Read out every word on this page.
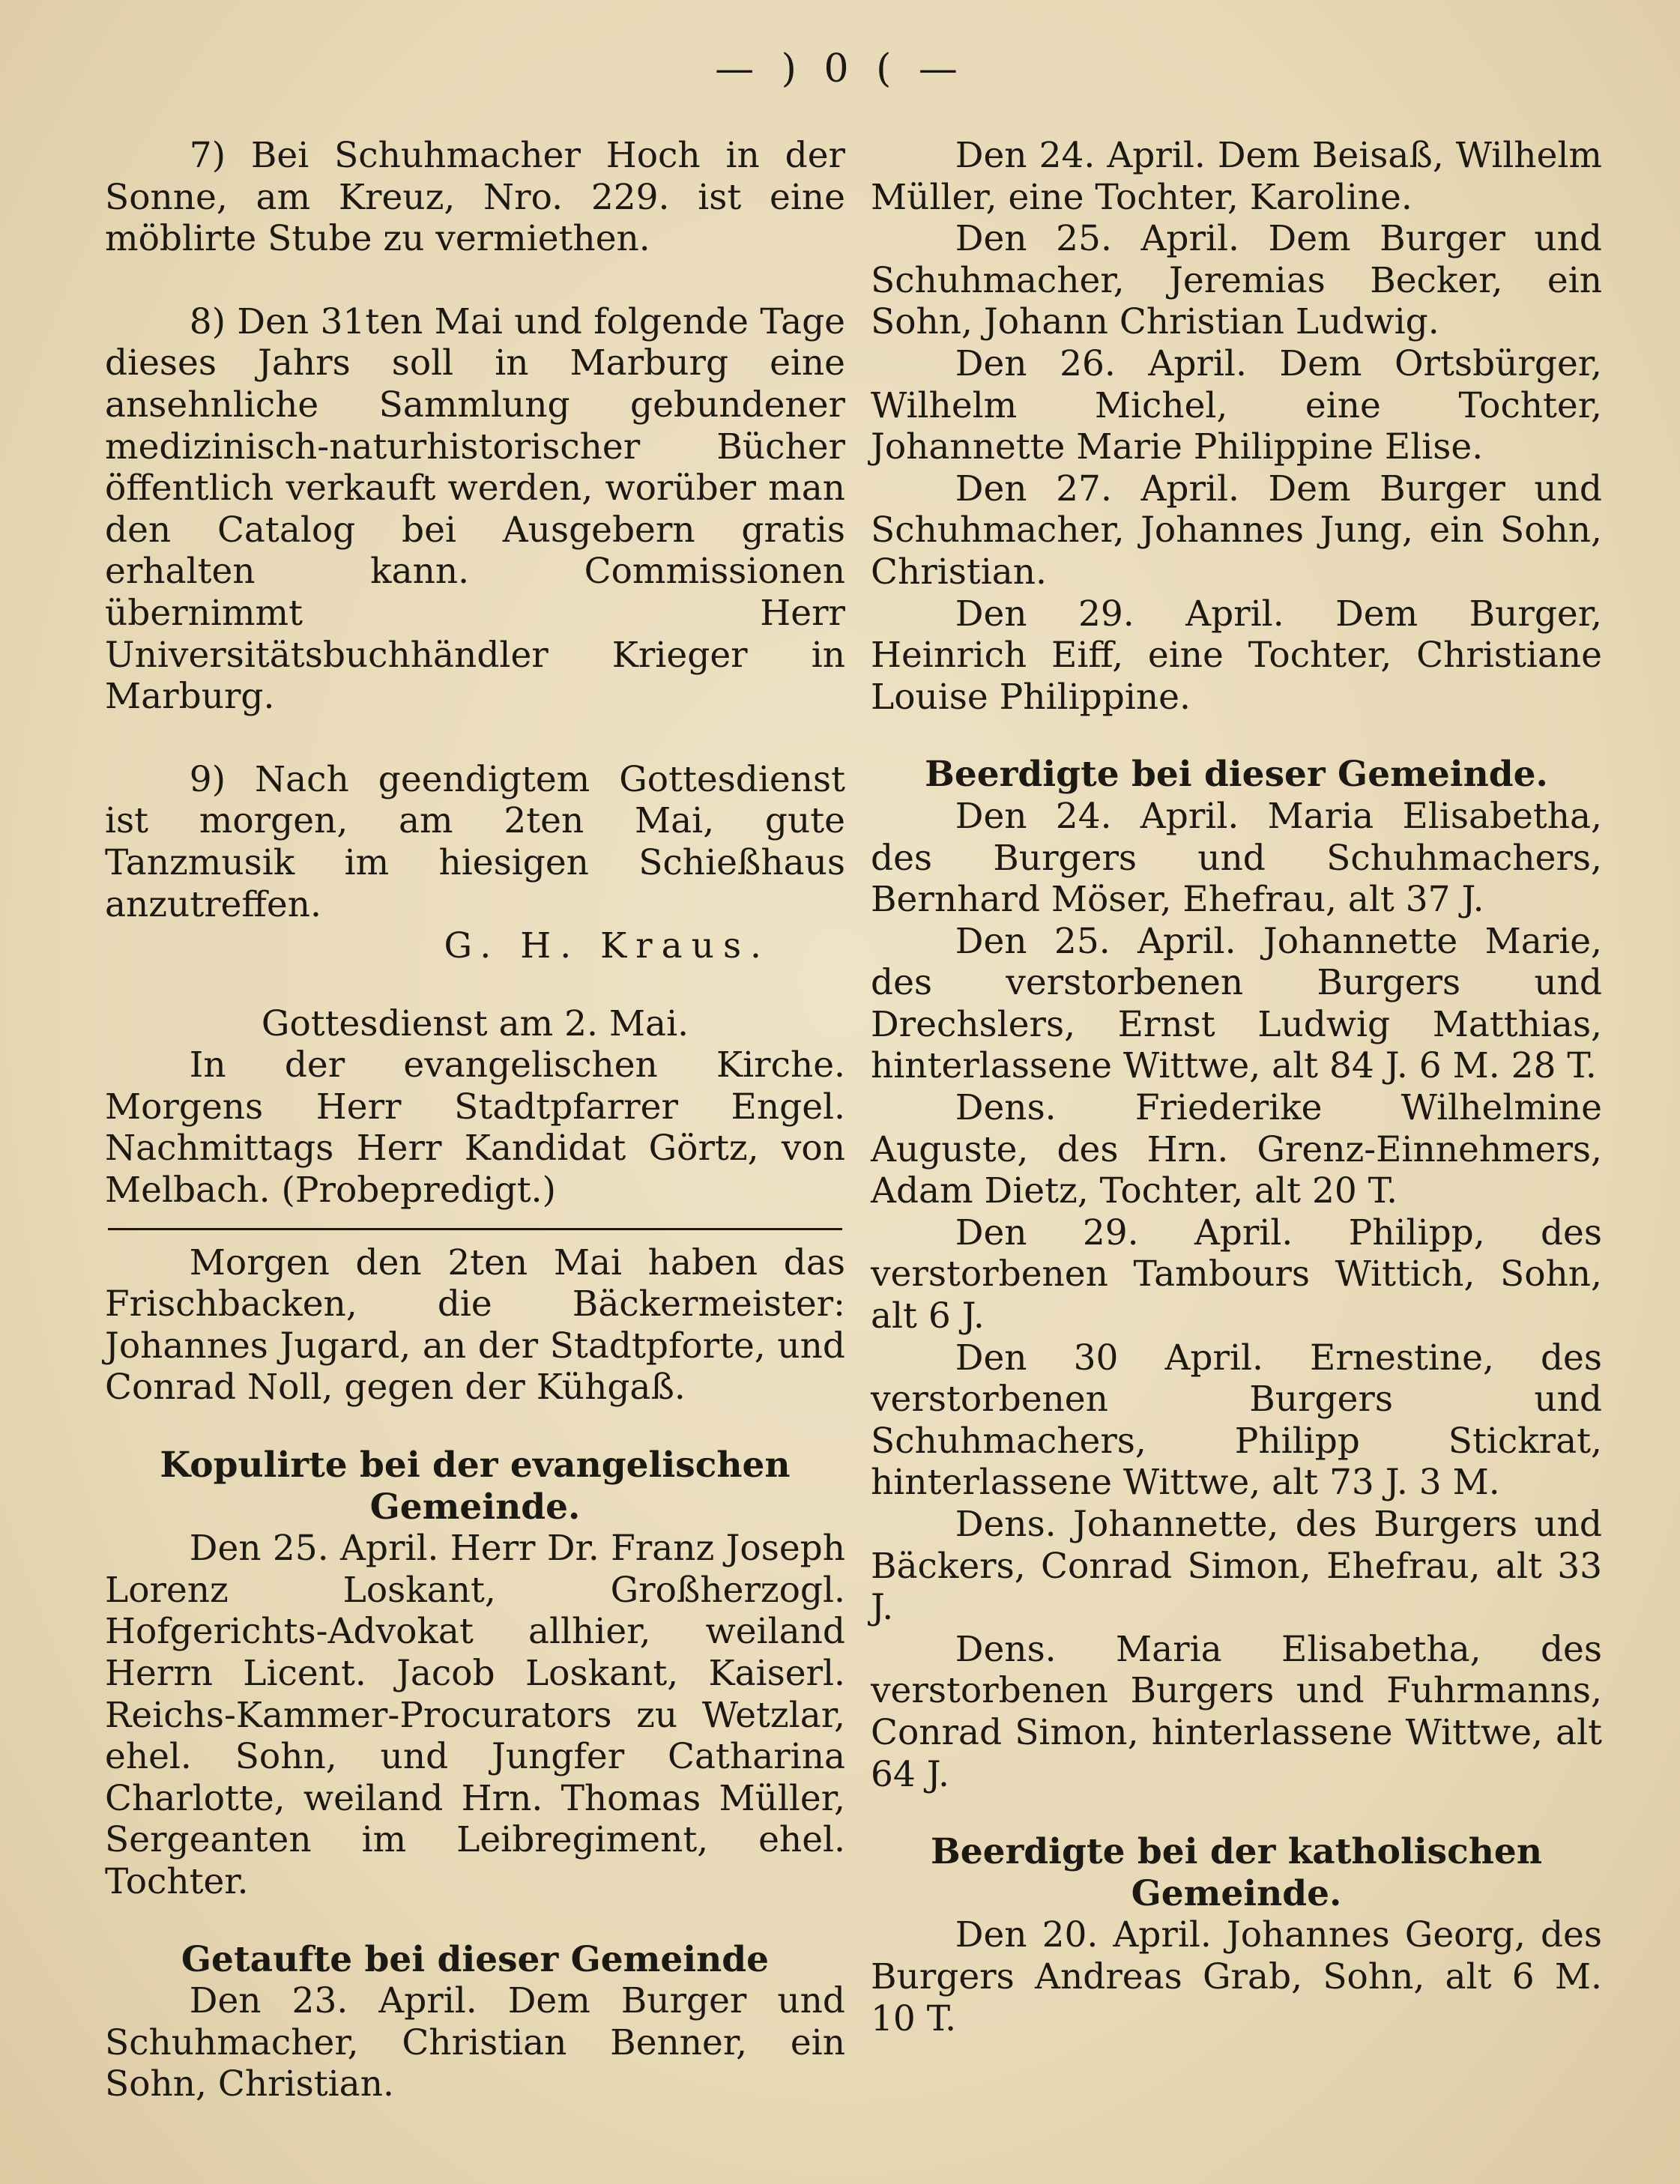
— ) 0 ( —

7) Bei Schuhmacher Hoch in der Sonne, am Kreuz, Nro. 229. ist eine möblirte Stube zu vermiethen.

8) Den 31ten Mai und folgende Tage dieses Jahrs soll in Marburg eine ansehnliche Sammlung gebundener medizinisch-naturhistorischer Bücher öffentlich verkauft werden, worüber man den Catalog bei Ausgebern gratis erhalten kann. Commissionen übernimmt Herr Universitätsbuchhändler Krieger in Marburg.

9) Nach geendigtem Gottesdienst ist morgen, am 2ten Mai, gute Tanzmusik im hiesigen Schießhaus anzutreffen.

G. H. Kraus.

Gottesdienst am 2. Mai.

In der evangelischen Kirche. Morgens Herr Stadtpfarrer Engel. Nachmittags Herr Kandidat Görtz, von Melbach. (Probepredigt.)

Morgen den 2ten Mai haben das Frischbacken, die Bäckermeister: Johannes Jugard, an der Stadtpforte, und Conrad Noll, gegen der Kühgaß.

Kopulirte bei der evangelischen Gemeinde.

Den 25. April. Herr Dr. Franz Joseph Lorenz Loskant, Großherzogl. Hofgerichts-Advokat allhier, weiland Herrn Licent. Jacob Loskant, Kaiserl. Reichs-Kammer-Procurators zu Wetzlar, ehel. Sohn, und Jungfer Catharina Charlotte, weiland Hrn. Thomas Müller, Sergeanten im Leibregiment, ehel. Tochter.

Getaufte bei dieser Gemeinde

Den 23. April. Dem Burger und Schuhmacher, Christian Benner, ein Sohn, Christian.

Den 24. April. Dem Beisaß, Wilhelm Müller, eine Tochter, Karoline.

Den 25. April. Dem Burger und Schuhmacher, Jeremias Becker, ein Sohn, Johann Christian Ludwig.

Den 26. April. Dem Ortsbürger, Wilhelm Michel, eine Tochter, Johannette Marie Philippine Elise.

Den 27. April. Dem Burger und Schuhmacher, Johannes Jung, ein Sohn, Christian.

Den 29. April. Dem Burger, Heinrich Eiff, eine Tochter, Christiane Louise Philippine.

Beerdigte bei dieser Gemeinde.

Den 24. April. Maria Elisabetha, des Burgers und Schuhmachers, Bernhard Möser, Ehefrau, alt 37 J.

Den 25. April. Johannette Marie, des verstorbenen Burgers und Drechslers, Ernst Ludwig Matthias, hinterlassene Wittwe, alt 84 J. 6 M. 28 T.

Dens. Friederike Wilhelmine Auguste, des Hrn. Grenz-Einnehmers, Adam Dietz, Tochter, alt 20 T.

Den 29. April. Philipp, des verstorbenen Tambours Wittich, Sohn, alt 6 J.

Den 30 April. Ernestine, des verstorbenen Burgers und Schuhmachers, Philipp Stickrat, hinterlassene Wittwe, alt 73 J. 3 M.

Dens. Johannette, des Burgers und Bäckers, Conrad Simon, Ehefrau, alt 33 J.

Dens. Maria Elisabetha, des verstorbenen Burgers und Fuhrmanns, Conrad Simon, hinterlassene Wittwe, alt 64 J.

Beerdigte bei der katholischen Gemeinde.

Den 20. April. Johannes Georg, des Burgers Andreas Grab, Sohn, alt 6 M. 10 T.
